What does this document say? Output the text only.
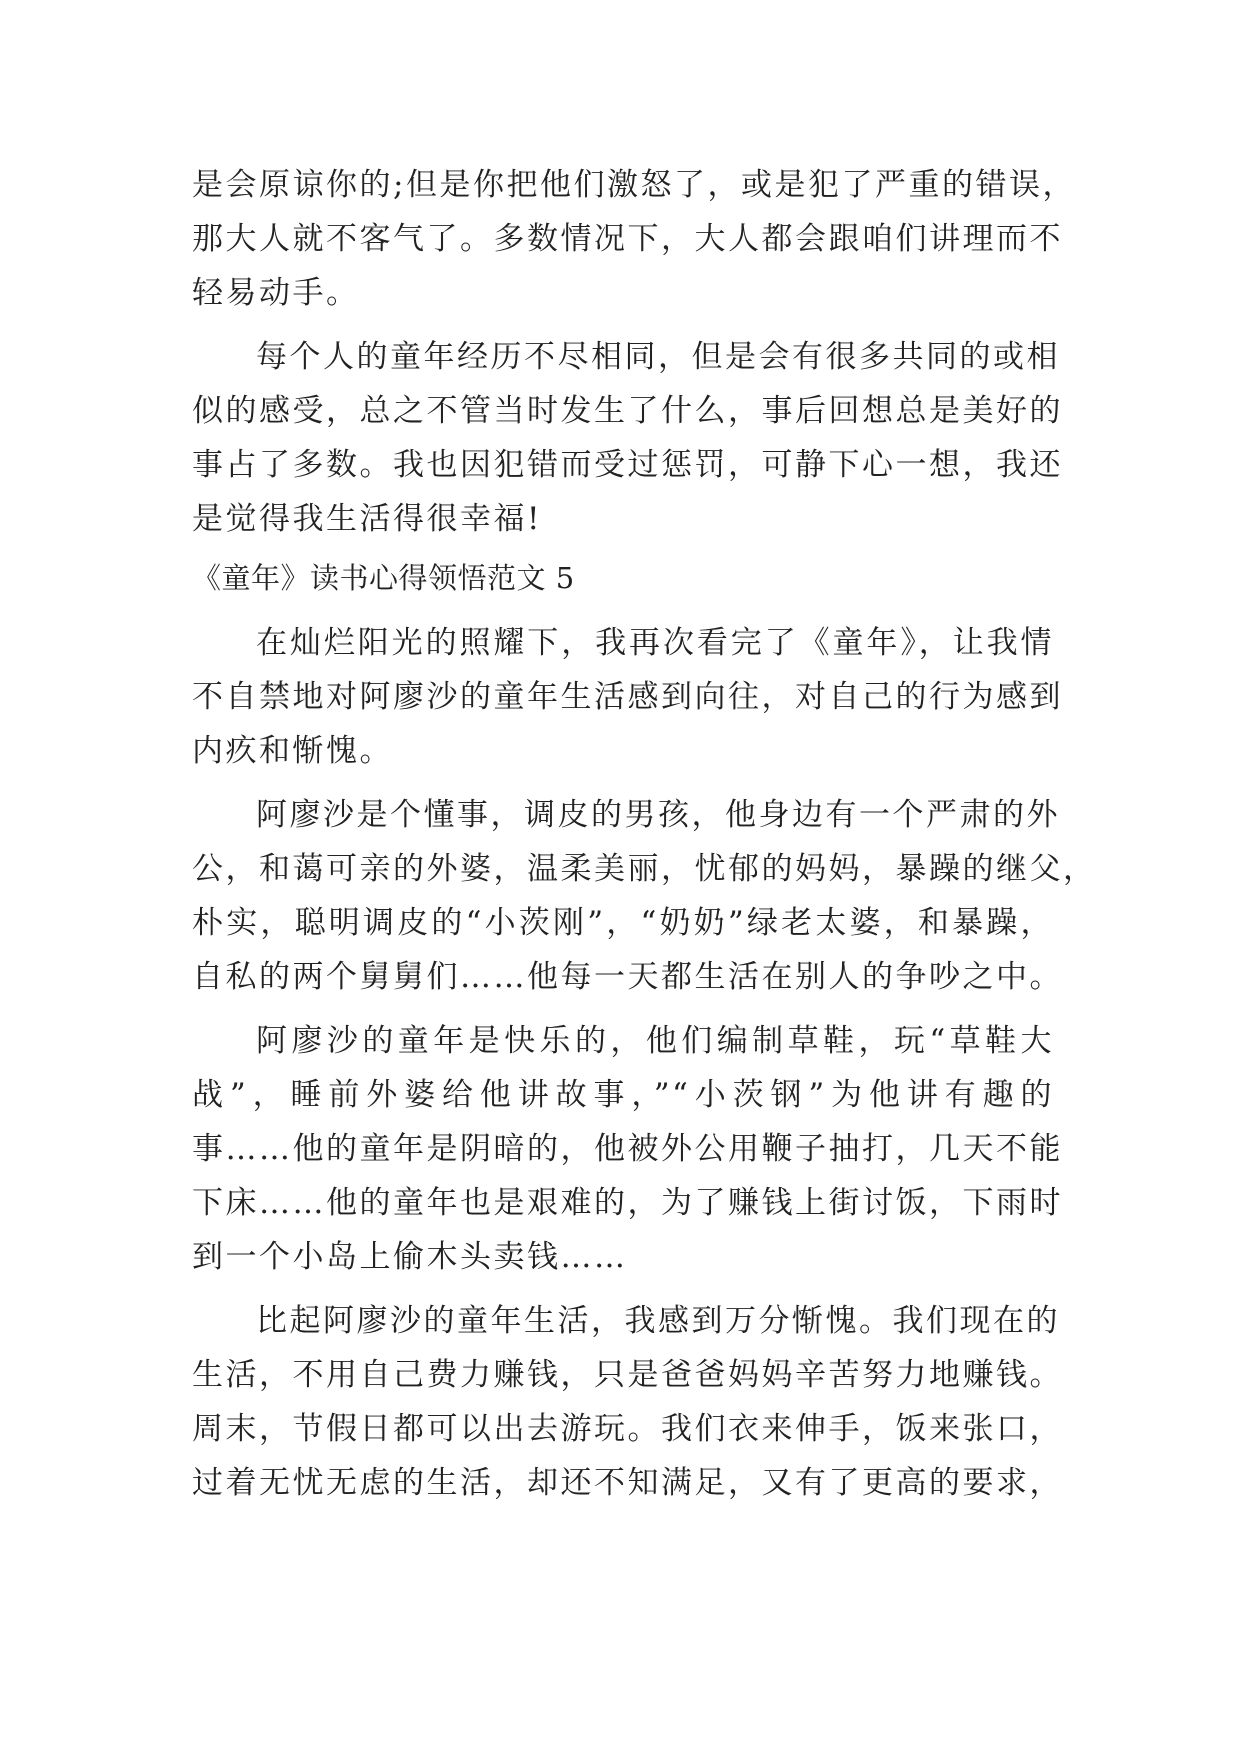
是会原谅你的;但是你把他们激怒了，或是犯了严重的错误，
那大人就不客气了。多数情况下，大人都会跟咱们讲理而不
轻易动手。
每个人的童年经历不尽相同，但是会有很多共同的或相
似的感受，总之不管当时发生了什么，事后回想总是美好的
事占了多数。我也因犯错而受过惩罚，可静下心一想，我还
是觉得我生活得很幸福!
《童年》读书心得领悟范文 5
在灿烂阳光的照耀下，我再次看完了《童年》，让我情
不自禁地对阿廖沙的童年生活感到向往，对自己的行为感到
内疚和惭愧。
阿廖沙是个懂事，调皮的男孩，他身边有一个严肃的外
公，和蔼可亲的外婆，温柔美丽，忧郁的妈妈，暴躁的继父，
朴实，聪明调皮的“小茨刚”，“奶奶”绿老太婆，和暴躁，
自私的两个舅舅们……他每一天都生活在别人的争吵之中。
阿廖沙的童年是快乐的，他们编制草鞋，玩“草鞋大
战”，睡前外婆给他讲故事，”“小茨钢”为他讲有趣的
事……他的童年是阴暗的，他被外公用鞭子抽打，几天不能
下床……他的童年也是艰难的，为了赚钱上街讨饭，下雨时
到一个小岛上偷木头卖钱……
比起阿廖沙的童年生活，我感到万分惭愧。我们现在的
生活，不用自己费力赚钱，只是爸爸妈妈辛苦努力地赚钱。
周末，节假日都可以出去游玩。我们衣来伸手，饭来张口，
过着无忧无虑的生活，却还不知满足，又有了更高的要求，
